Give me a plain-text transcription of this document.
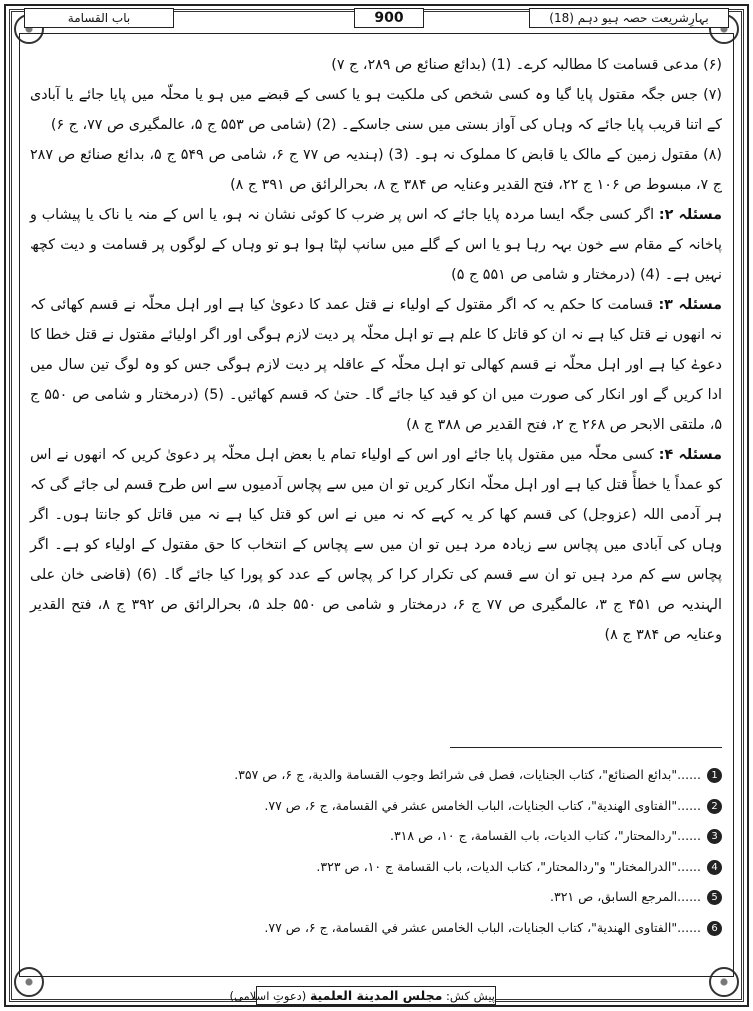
بہارِشریعت حصہ ہیو دہم (18)
900
باب القسامة

(۶) مدعی قسامت کا مطالبہ کرے۔ (1) (بدائع صنائع ص ۲۸۹، ج ۷)

(۷) جس جگہ مقتول پایا گیا وہ کسی شخص کی ملکیت ہو یا کسی کے قبضے میں ہو یا محلّہ میں پایا جائے یا آبادی کے اتنا قریب پایا جائے کہ وہاں کی آواز بستی میں سنی جاسکے۔ (2) (شامی ص ۵۵۳ ج ۵، عالمگیری ص ۷۷، ج ۶)

(۸) مقتول زمین کے مالک یا قابض کا مملوک نہ ہو۔ (3) (ہندیہ ص ۷۷ ج ۶، شامی ص ۵۴۹ ج ۵، بدائع صنائع ص ۲۸۷ ج ۷، مبسوط ص ۱۰۶ ج ۲۲، فتح القدیر وعنایہ ص ۳۸۴ ج ۸، بحرالرائق ص ۳۹۱ ج ۸)

مسئلہ ۲: اگر کسی جگہ ایسا مردہ پایا جائے کہ اس پر ضرب کا کوئی نشان نہ ہو، یا اس کے منہ یا ناک یا پیشاب و پاخانہ کے مقام سے خون بہہ رہا ہو یا اس کے گلے میں سانپ لپٹا ہوا ہو تو وہاں کے لوگوں پر قسامت و دیت کچھ نہیں ہے۔ (4) (درمختار و شامی ص ۵۵۱ ج ۵)

مسئلہ ۳: قسامت کا حکم یہ کہ اگر مقتول کے اولیاء نے قتل عمد کا دعویٰ کیا ہے اور اہل محلّہ نے قسم کھائی کہ نہ انھوں نے قتل کیا ہے نہ ان کو قاتل کا علم ہے تو اہل محلّہ پر دیت لازم ہوگی اور اگر اولیائے مقتول نے قتل خطا کا دعوےٰ کیا ہے اور اہل محلّہ نے قسم کھالی تو اہل محلّہ کے عاقلہ پر دیت لازم ہوگی جس کو وہ لوگ تین سال میں ادا کریں گے اور انکار کی صورت میں ان کو قید کیا جائے گا۔ حتیٰ کہ قسم کھائیں۔ (5) (درمختار و شامی ص ۵۵۰ ج ۵، ملتقی الابحر ص ۲۶۸ ج ۲، فتح القدیر ص ۳۸۸ ج ۸)

مسئلہ ۴: کسی محلّہ میں مقتول پایا جائے اور اس کے اولیاء تمام یا بعض اہل محلّہ پر دعویٰ کریں کہ انھوں نے اس کو عمداً یا خطأً قتل کیا ہے اور اہل محلّہ انکار کریں تو ان میں سے پچاس آدمیوں سے اس طرح قسم لی جائے گی کہ ہر آدمی اللہ (عزوجل) کی قسم کھا کر یہ کہے کہ نہ میں نے اس کو قتل کیا ہے نہ میں قاتل کو جانتا ہوں۔ اگر وہاں کی آبادی میں پچاس سے زیادہ مرد ہیں تو ان میں سے پچاس کے انتخاب کا حق مقتول کے اولیاء کو ہے۔ اگر پچاس سے کم مرد ہیں تو ان سے قسم کی تکرار کرا کر پچاس کے عدد کو پورا کیا جائے گا۔ (6) (قاضی خان علی الہندیہ ص ۴۵۱ ج ۳، عالمگیری ص ۷۷ ج ۶، درمختار و شامی ص ۵۵۰ جلد ۵، بحرالرائق ص ۳۹۲ ج ۸، فتح القدیر وعنایہ ص ۳۸۴ ج ۸)

1......"بدائع الصنائع"، کتاب الجنایات، فصل فی شرائط وجوب القسامة والدية، ج ۶، ص ۳۵۷.
2......"الفتاوی الهندية"، کتاب الجنايات، الباب الخامس عشر في القسامة، ج ۶، ص ۷۷.
3......"ردالمحتار"، کتاب الديات، باب القسامة، ج ۱۰، ص ۳۱۸.
4......"الدرالمختار" و"ردالمحتار"، کتاب الديات، باب القسامة ج ۱۰، ص ۳۲۳.
5......المرجع السابق، ص ۳۲۱.
6......"الفتاوی الهندية"، کتاب الجنايات، الباب الخامس عشر في القسامة، ج ۶، ص ۷۷.
پیش کش: مجلس المدينة العلمية (دعوتِ اسلامی)
